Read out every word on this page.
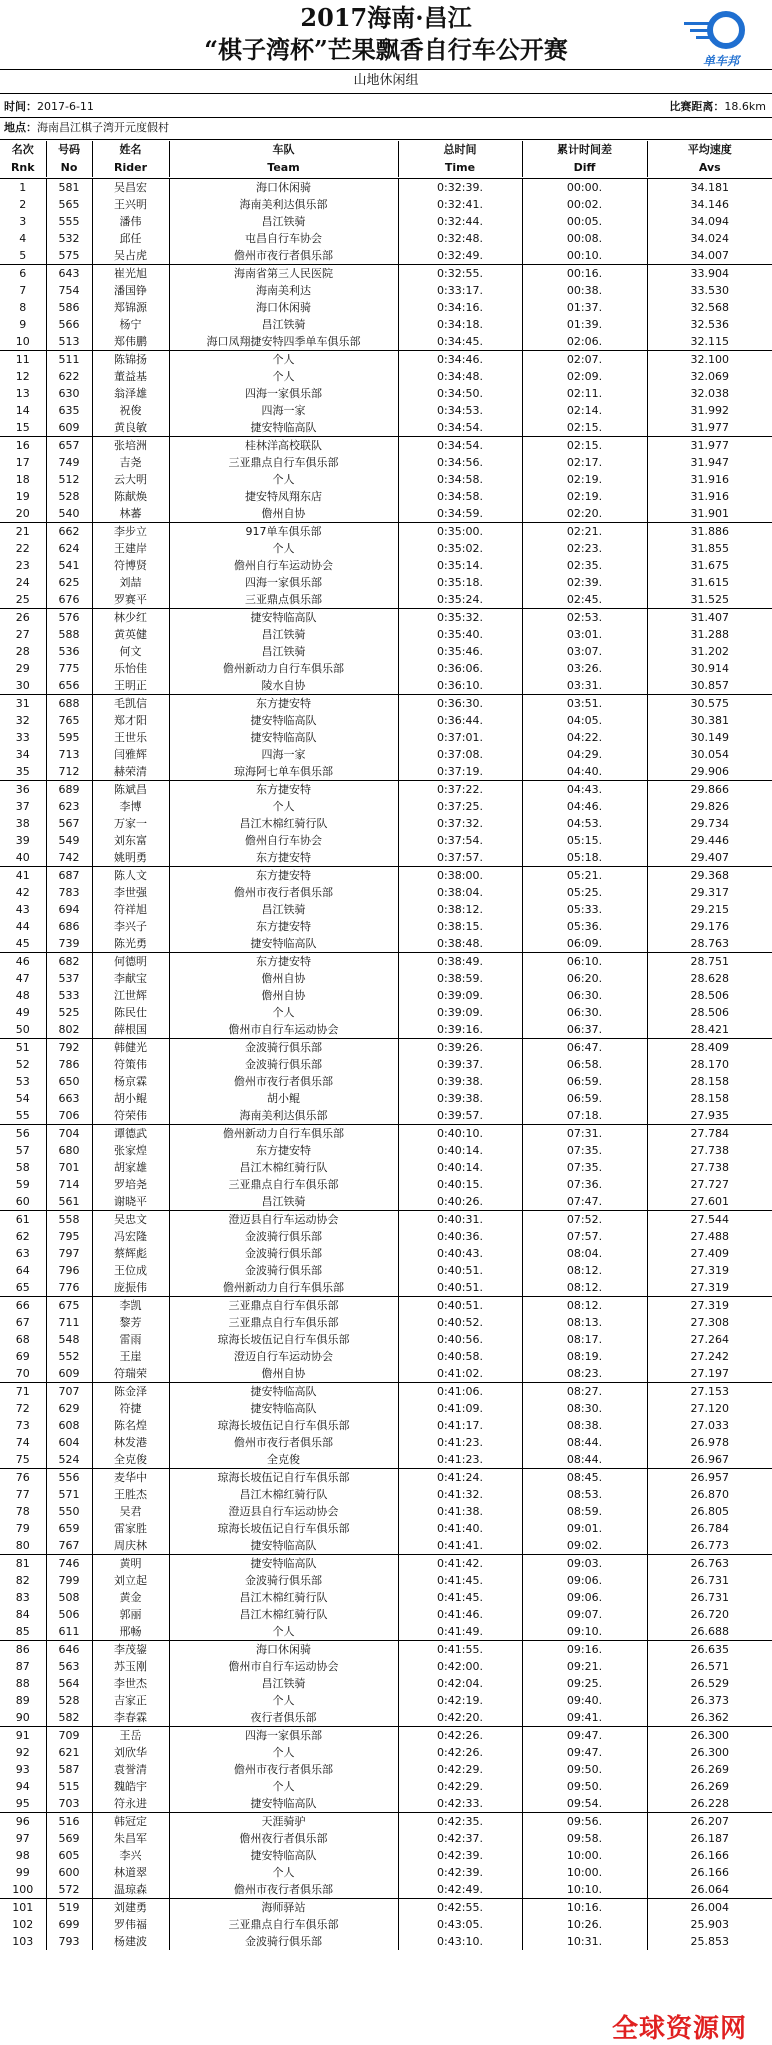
2017海南·昌江
“棋子湾杯”芒果飘香自行车公开赛	单车邦
山地休闲组
时间：2017-6-11	比赛距离：18.6km
地点：海南昌江棋子湾开元度假村
名次	号码	姓名	车队	总时间	累计时间差	平均速度
Rnk	No	Rider	Team	Time	Diff	Avs
1	581	吴昌宏	海口休闲骑	0:32:39.	00:00.	34.181
2	565	王兴明	海南美利达俱乐部	0:32:41.	00:02.	34.146
3	555	潘伟	昌江铁骑	0:32:44.	00:05.	34.094
4	532	邱任	屯昌自行车协会	0:32:48.	00:08.	34.024
5	575	吴占虎	儋州市夜行者俱乐部	0:32:49.	00:10.	34.007
6	643	崔光旭	海南省第三人民医院	0:32:55.	00:16.	33.904
7	754	潘国铮	海南美利达	0:33:17.	00:38.	33.530
8	586	郑锦源	海口休闲骑	0:34:16.	01:37.	32.568
9	566	杨宁	昌江铁骑	0:34:18.	01:39.	32.536
10	513	郑伟鹏	海口凤翔捷安特四季单车俱乐部	0:34:45.	02:06.	32.115
11	511	陈锦扬	个人	0:34:46.	02:07.	32.100
12	622	董益基	个人	0:34:48.	02:09.	32.069
13	630	翁泽雄	四海一家俱乐部	0:34:50.	02:11.	32.038
14	635	祝俊	四海一家	0:34:53.	02:14.	31.992
15	609	黄良敏	捷安特临高队	0:34:54.	02:15.	31.977
16	657	张培洲	桂林洋高校联队	0:34:54.	02:15.	31.977
17	749	吉尧	三亚鼎点自行车俱乐部	0:34:56.	02:17.	31.947
18	512	云大明	个人	0:34:58.	02:19.	31.916
19	528	陈献焕	捷安特凤翔东店	0:34:58.	02:19.	31.916
20	540	林蕃	儋州自协	0:34:59.	02:20.	31.901
21	662	李步立	917单车俱乐部	0:35:00.	02:21.	31.886
22	624	王建岸	个人	0:35:02.	02:23.	31.855
23	541	符博贤	儋州自行车运动协会	0:35:14.	02:35.	31.675
24	625	刘喆	四海一家俱乐部	0:35:18.	02:39.	31.615
25	676	罗赛平	三亚鼎点俱乐部	0:35:24.	02:45.	31.525
26	576	林少红	捷安特临高队	0:35:32.	02:53.	31.407
27	588	黄英健	昌江铁骑	0:35:40.	03:01.	31.288
28	536	何文	昌江铁骑	0:35:46.	03:07.	31.202
29	775	乐怡佳	儋州新动力自行车俱乐部	0:36:06.	03:26.	30.914
30	656	王明正	陵水自协	0:36:10.	03:31.	30.857
31	688	毛凯信	东方捷安特	0:36:30.	03:51.	30.575
32	765	郑才阳	捷安特临高队	0:36:44.	04:05.	30.381
33	595	王世乐	捷安特临高队	0:37:01.	04:22.	30.149
34	713	闫雅辉	四海一家	0:37:08.	04:29.	30.054
35	712	赫荣清	琼海阿七单车俱乐部	0:37:19.	04:40.	29.906
36	689	陈斌昌	东方捷安特	0:37:22.	04:43.	29.866
37	623	李博	个人	0:37:25.	04:46.	29.826
38	567	万家一	昌江木棉红骑行队	0:37:32.	04:53.	29.734
39	549	刘东富	儋州自行车协会	0:37:54.	05:15.	29.446
40	742	姚明勇	东方捷安特	0:37:57.	05:18.	29.407
41	687	陈人文	东方捷安特	0:38:00.	05:21.	29.368
42	783	李世强	儋州市夜行者俱乐部	0:38:04.	05:25.	29.317
43	694	符祥旭	昌江铁骑	0:38:12.	05:33.	29.215
44	686	李兴子	东方捷安特	0:38:15.	05:36.	29.176
45	739	陈光勇	捷安特临高队	0:38:48.	06:09.	28.763
46	682	何德明	东方捷安特	0:38:49.	06:10.	28.751
47	537	李献宝	儋州自协	0:38:59.	06:20.	28.628
48	533	江世辉	儋州自协	0:39:09.	06:30.	28.506
49	525	陈民仕	个人	0:39:09.	06:30.	28.506
50	802	薛根国	儋州市自行车运动协会	0:39:16.	06:37.	28.421
51	792	韩健光	金波骑行俱乐部	0:39:26.	06:47.	28.409
52	786	符策伟	金波骑行俱乐部	0:39:37.	06:58.	28.170
53	650	杨京霖	儋州市夜行者俱乐部	0:39:38.	06:59.	28.158
54	663	胡小鲲	胡小鲲	0:39:38.	06:59.	28.158
55	706	符荣伟	海南美利达俱乐部	0:39:57.	07:18.	27.935
56	704	谭德武	儋州新动力自行车俱乐部	0:40:10.	07:31.	27.784
57	680	张家煌	东方捷安特	0:40:14.	07:35.	27.738
58	701	胡家雄	昌江木棉红骑行队	0:40:14.	07:35.	27.738
59	714	罗培尧	三亚鼎点自行车俱乐部	0:40:15.	07:36.	27.727
60	561	谢晓平	昌江铁骑	0:40:26.	07:47.	27.601
61	558	吴忠文	澄迈县自行车运动协会	0:40:31.	07:52.	27.544
62	795	冯宏隆	金波骑行俱乐部	0:40:36.	07:57.	27.488
63	797	蔡辉彪	金波骑行俱乐部	0:40:43.	08:04.	27.409
64	796	王位成	金波骑行俱乐部	0:40:51.	08:12.	27.319
65	776	庞振伟	儋州新动力自行车俱乐部	0:40:51.	08:12.	27.319
66	675	李凯	三亚鼎点自行车俱乐部	0:40:51.	08:12.	27.319
67	711	黎芳	三亚鼎点自行车俱乐部	0:40:52.	08:13.	27.308
68	548	雷雨	琼海长坡伍记自行车俱乐部	0:40:56.	08:17.	27.264
69	552	王崖	澄迈自行车运动协会	0:40:58.	08:19.	27.242
70	609	符瑞荣	儋州自协	0:41:02.	08:23.	27.197
71	707	陈金泽	捷安特临高队	0:41:06.	08:27.	27.153
72	629	符捷	捷安特临高队	0:41:09.	08:30.	27.120
73	608	陈名煌	琼海长坡伍记自行车俱乐部	0:41:17.	08:38.	27.033
74	604	林发港	儋州市夜行者俱乐部	0:41:23.	08:44.	26.978
75	524	全克俊	全克俊	0:41:23.	08:44.	26.967
76	556	麦华中	琼海长坡伍记自行车俱乐部	0:41:24.	08:45.	26.957
77	571	王胜杰	昌江木棉红骑行队	0:41:32.	08:53.	26.870
78	550	吴君	澄迈县自行车运动协会	0:41:38.	08:59.	26.805
79	659	雷家胜	琼海长坡伍记自行车俱乐部	0:41:40.	09:01.	26.784
80	767	周庆林	捷安特临高队	0:41:41.	09:02.	26.773
81	746	黄明	捷安特临高队	0:41:42.	09:03.	26.763
82	799	刘立起	金波骑行俱乐部	0:41:45.	09:06.	26.731
83	508	黄金	昌江木棉红骑行队	0:41:45.	09:06.	26.731
84	506	郭丽	昌江木棉红骑行队	0:41:46.	09:07.	26.720
85	611	邢畅	个人	0:41:49.	09:10.	26.688
86	646	李茂鋆	海口休闲骑	0:41:55.	09:16.	26.635
87	563	苏玉刚	儋州市自行车运动协会	0:42:00.	09:21.	26.571
88	564	李世杰	昌江铁骑	0:42:04.	09:25.	26.529
89	528	吉家正	个人	0:42:19.	09:40.	26.373
90	582	李春霖	夜行者俱乐部	0:42:20.	09:41.	26.362
91	709	王岳	四海一家俱乐部	0:42:26.	09:47.	26.300
92	621	刘欣华	个人	0:42:26.	09:47.	26.300
93	587	袁誉清	儋州市夜行者俱乐部	0:42:29.	09:50.	26.269
94	515	魏皓宇	个人	0:42:29.	09:50.	26.269
95	703	符永进	捷安特临高队	0:42:33.	09:54.	26.228
96	516	韩冠定	天涯骑驴	0:42:35.	09:56.	26.207
97	569	朱昌军	儋州夜行者俱乐部	0:42:37.	09:58.	26.187
98	605	李兴	捷安特临高队	0:42:39.	10:00.	26.166
99	600	林道翠	个人	0:42:39.	10:00.	26.166
100	572	温琼森	儋州市夜行者俱乐部	0:42:49.	10:10.	26.064
101	519	刘建勇	海师驿站	0:42:55.	10:16.	26.004
102	699	罗伟福	三亚鼎点自行车俱乐部	0:43:05.	10:26.	25.903
103	793	杨建波	金波骑行俱乐部	0:43:10.	10:31.	25.853
全球资源网
